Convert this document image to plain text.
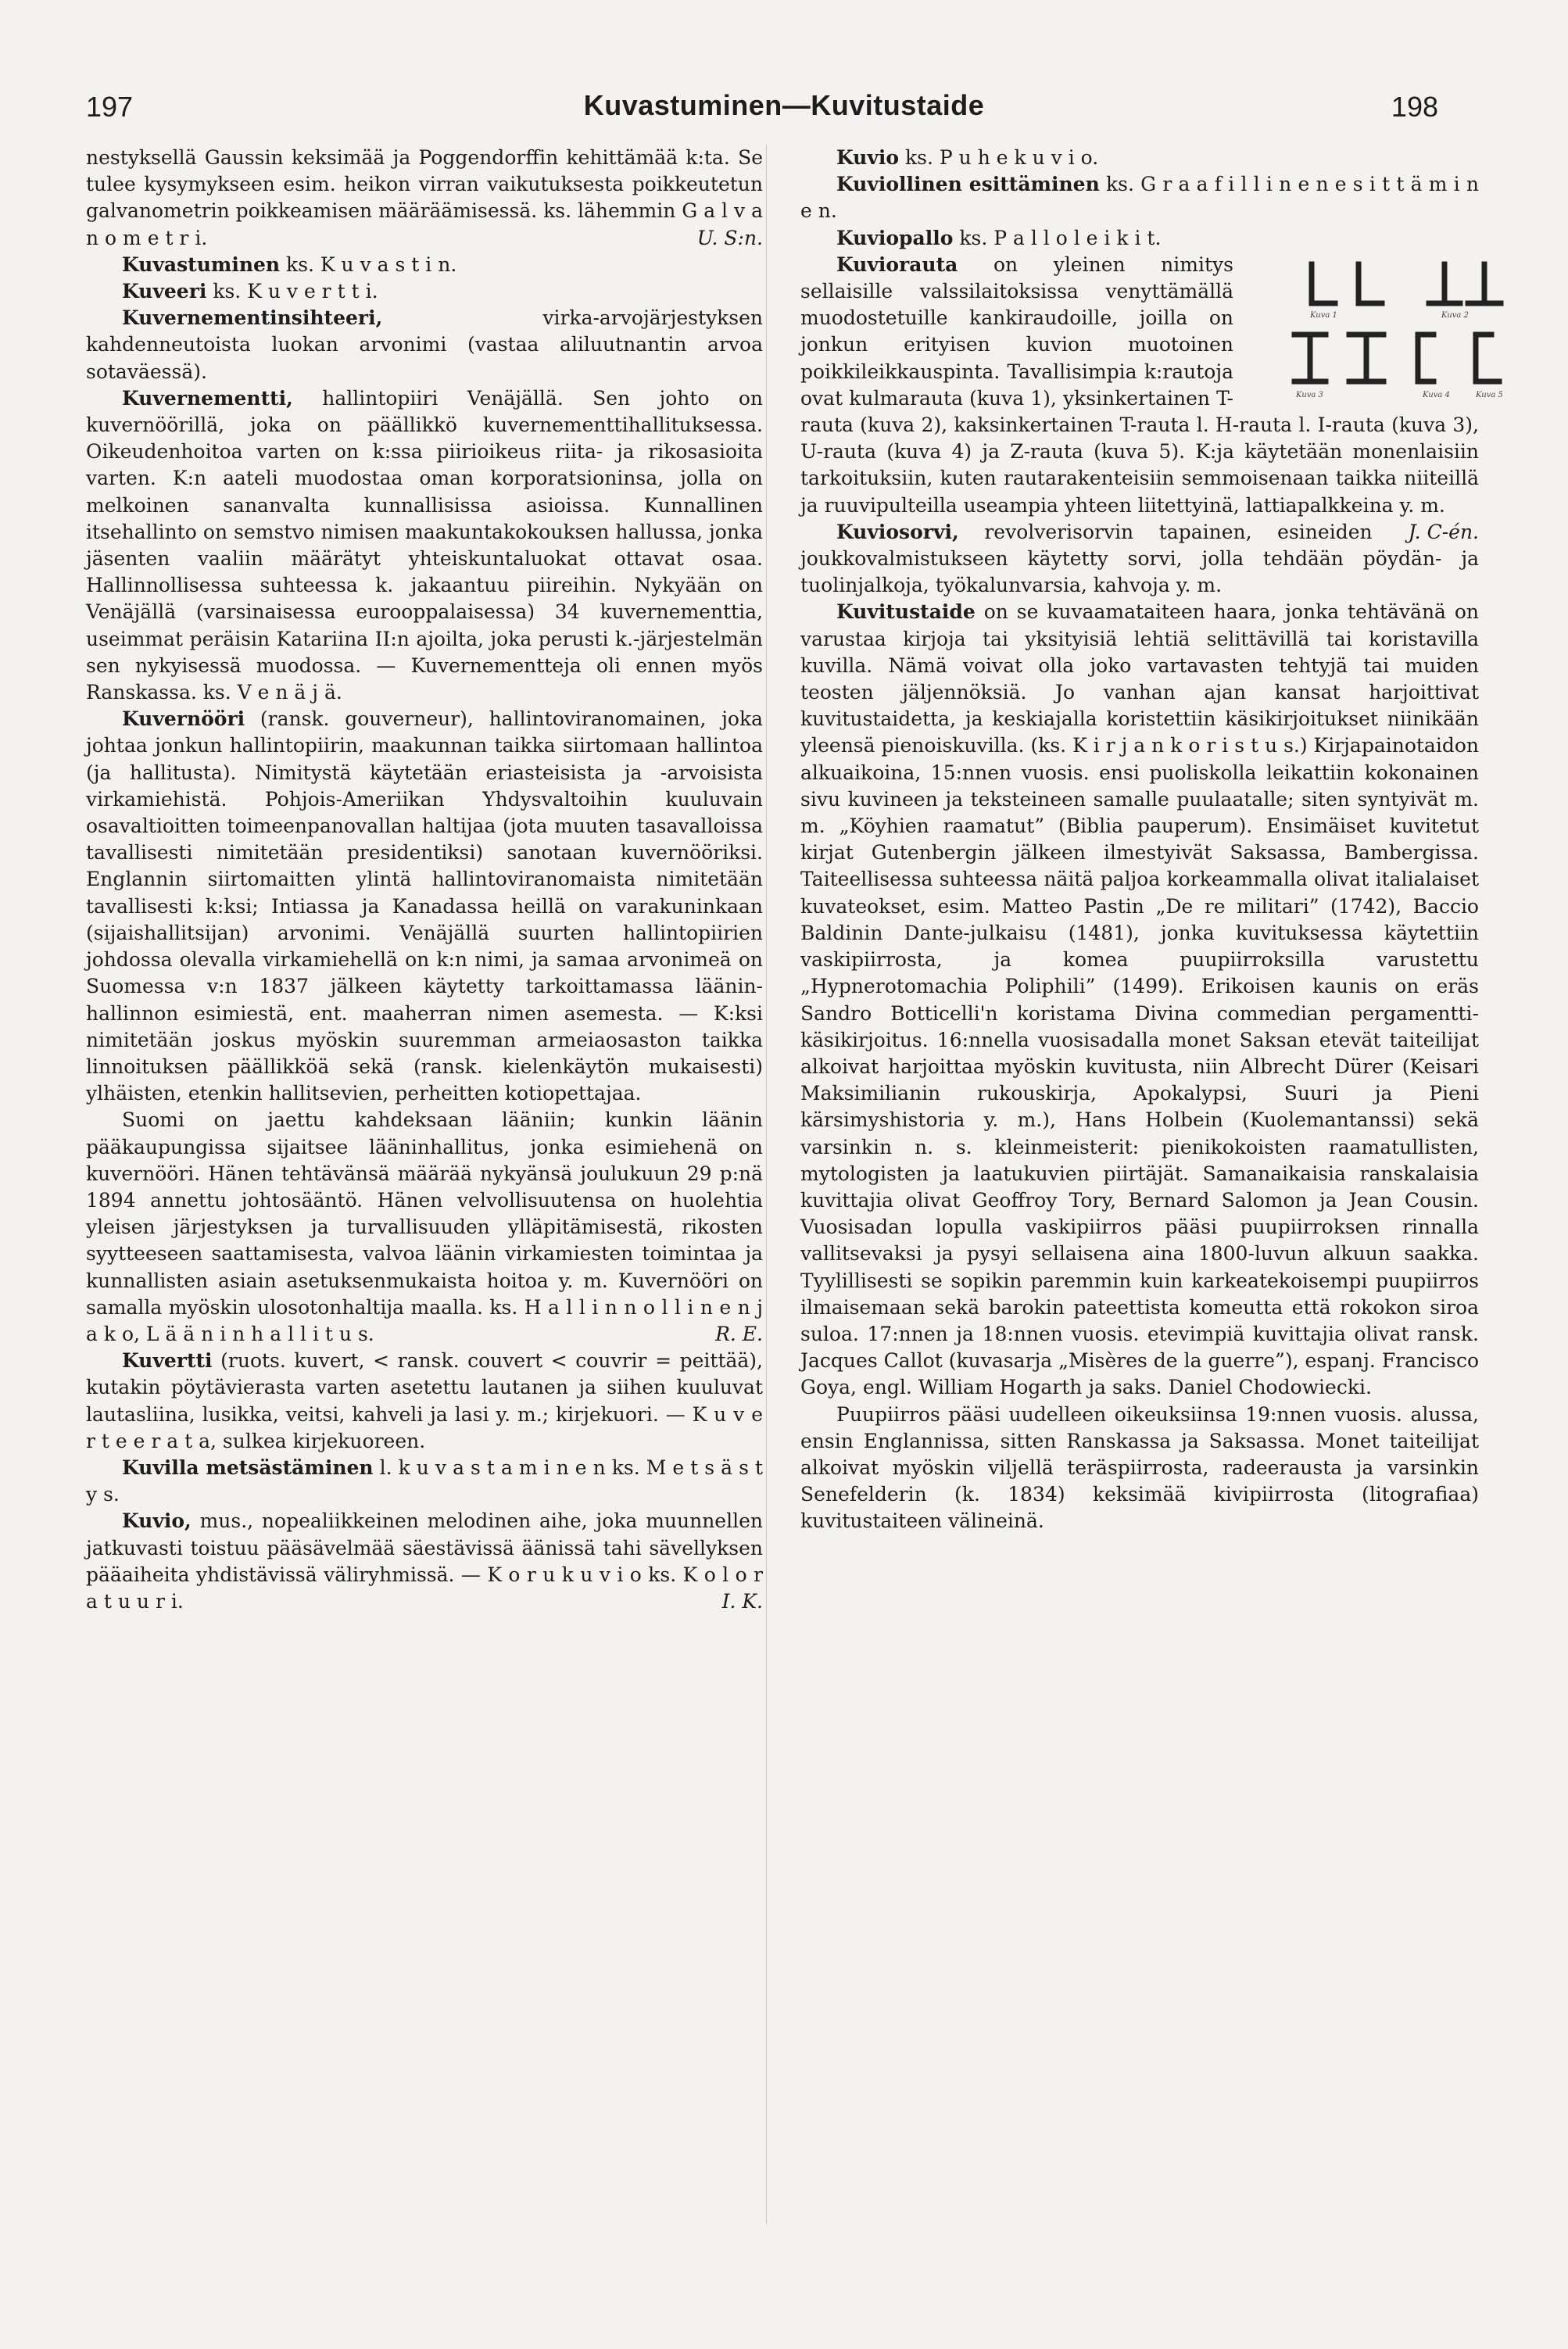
197	Kuvastuminen—Kuvitustaide	198

nestyksellä Gaussin keksimää ja Poggendorffin kehittämää k:ta. Se tulee kysymykseen esim. heikon virran vaikutuksesta poikkeutetun galvanometrin poikkeamisen määräämisessä. ks. lähemmin G a l v a n o m e t r i.	U. S:n.

Kuvastuminen ks. K u v a s t i n.

Kuveeri ks. K u v e r t t i.

Kuvernementinsihteeri,	virka-arvojärjestyksen kahdenneutoista luokan arvonimi (vastaa aliluutnantin arvoa sotaväessä).

Kuvernementti, hallintopiiri Venäjällä. Sen johto on kuvernöörillä, joka on päällikkö kuvernementtihallituksessa. Oikeudenhoitoa varten on k:ssa piirioikeus riita- ja rikosasioita varten. K:n aateli muodostaa oman korporatsioninsa, jolla on melkoinen sananvalta kunnallisissa asioissa. Kunnallinen itsehallinto on semstvo nimisen maakuntakokouksen hallussa, jonka jäsenten vaaliin määrätyt yhteiskuntaluokat ottavat osaa. Hallinnollisessa suhteessa k. jakaantuu piireihin. Nykyään on Venäjällä (varsinaisessa eurooppalaisessa) 34 kuvernementtia, useimmat peräisin Katariina II:n ajoilta, joka perusti k.-järjestelmän sen nykyisessä muodossa. — Kuvernementteja oli ennen myös Ranskassa. ks. V e n ä j ä.

Kuvernööri (ransk. gouverneur), hallintoviranomainen, joka johtaa jonkun hallintopiirin, maakunnan taikka siirtomaan hallintoa (ja hallitusta). Nimitystä käytetään eriasteisista ja -arvoisista virkamiehistä. Pohjois-Ameriikan Yhdysvaltoihin kuuluvain osavaltioitten toimeenpanovallan haltijaa (jota muuten tasavalloissa tavallisesti nimitetään presidentiksi) sanotaan kuvernööriksi. Englannin siirtomaitten ylintä hallintoviranomaista nimitetään tavallisesti k:ksi; Intiassa ja Kanadassa heillä on varakuninkaan (sijaishallitsijan) arvonimi. Venäjällä suurten hallintopiirien johdossa olevalla virkamiehellä on k:n nimi, ja samaa arvonimeä on Suomessa v:n 1837 jälkeen käytetty tarkoittamassa läänin-hallinnon esimiestä, ent. maaherran nimen asemesta. — K:ksi nimitetään joskus myöskin suuremman armeiaosaston taikka linnoituksen päällikköä sekä (ransk. kielenkäytön mukaisesti) ylhäisten, etenkin hallitsevien, perheitten kotiopettajaa.

Suomi on jaettu kahdeksaan lääniin; kunkin läänin pääkaupungissa sijaitsee lääninhallitus, jonka esimiehenä on kuvernööri. Hänen tehtävänsä määrää nykyänsä joulukuun 29 p:nä 1894 annettu johtosääntö. Hänen velvollisuutensa on huolehtia yleisen järjestyksen ja turvallisuuden ylläpitämisestä, rikosten syytteeseen saattamisesta, valvoa läänin virkamiesten toimintaa ja kunnallisten asiain asetuksenmukaista hoitoa y. m. Kuvernööri on samalla myöskin ulosotonhaltija maalla. ks. H a l l i n n o l l i n e n j a k o, L ä ä n i n h a l l i t u s.	R. E.

Kuvertti (ruots. kuvert, < ransk. couvert < couvrir = peittää), kutakin pöytävierasta varten asetettu lautanen ja siihen kuuluvat lautasliina, lusikka, veitsi, kahveli ja lasi y. m.; kirjekuori. — K u v e r t e e r a t a, sulkea kirjekuoreen.

Kuvilla metsästäminen l. k u v a s t a m i n e n ks. M e t s ä s t y s.

Kuvio, mus., nopealiikkeinen melodinen aihe, joka muunnellen jatkuvasti toistuu pääsävelmää säestävissä äänissä tahi sävellyksen pääaiheita yhdistävissä väliryhmissä. — K o r u k u v i o ks. K o l o r a t u u r i.	I. K.

Kuvio ks. P u h e k u v i o.

Kuviollinen esittäminen ks. G r a a f i l l i n e n e s i t t ä m i n e n.

Kuviopallo ks. P a l l o l e i k i t.

Kuva 1	Kuva 2
Kuva 3	Kuva 4	Kuva 5
Kuviorauta on yleinen nimitys sellaisille valssilaitoksissa venyttämällä muodostetuille kankiraudoille, joilla on jonkun erityisen kuvion muotoinen poikkileikkauspinta. Tavallisimpia k:rautoja ovat kulmarauta (kuva 1), yksinkertainen T-rauta (kuva 2), kaksinkertainen T-rauta l. H-rauta l. I-rauta (kuva 3), U-rauta (kuva 4) ja Z-rauta (kuva 5). K:ja käytetään monenlaisiin tarkoituksiin, kuten rautarakenteisiin semmoisenaan taikka niiteillä ja ruuvipulteilla useampia yhteen liitettyinä, lattiapalkkeina y. m.
J. C-én.

Kuviosorvi, revolverisorvin tapainen, esineiden joukkovalmistukseen käytetty sorvi, jolla tehdään pöydän- ja tuolinjalkoja, työkalunvarsia, kahvoja y. m.

Kuvitustaide on se kuvaamataiteen haara, jonka tehtävänä on varustaa kirjoja tai yksityisiä lehtiä selittävillä tai koristavilla kuvilla. Nämä voivat olla joko vartavasten tehtyjä tai muiden teosten jäljennöksiä. Jo vanhan ajan kansat harjoittivat kuvitustaidetta, ja keskiajalla koristettiin käsikirjoitukset niinikään yleensä pienoiskuvilla. (ks. K i r j a n k o r i s t u s.) Kirjapainotaidon alkuaikoina, 15:nnen vuosis. ensi puoliskolla leikattiin kokonainen sivu kuvineen ja teksteineen samalle puulaatalle; siten syntyivät m. m. „Köyhien raamatut” (Biblia pauperum). Ensimäiset kuvitetut kirjat Gutenbergin jälkeen ilmestyivät Saksassa, Bambergissa. Taiteellisessa suhteessa näitä paljoa korkeammalla olivat italialaiset kuvateokset, esim. Matteo Pastin „De re militari” (1742), Baccio Baldinin Dante-julkaisu (1481), jonka kuvituksessa käytettiin vaskipiirrosta, ja komea puupiirroksilla varustettu „Hypnerotomachia Poliphili” (1499). Erikoisen kaunis on eräs Sandro Botticelli'n koristama Divina commedian pergamentti-käsikirjoitus. 16:nnella vuosisadalla monet Saksan etevät taiteilijat alkoivat harjoittaa myöskin kuvitusta, niin Albrecht Dürer (Keisari Maksimilianin rukouskirja, Apokalypsi, Suuri ja Pieni kärsimyshistoria y. m.), Hans Holbein (Kuolemantanssi) sekä varsinkin n. s. kleinmeisterit: pienikokoisten raamatullisten, mytologisten ja laatukuvien piirtäjät. Samanaikaisia ranskalaisia kuvittajia olivat Geoffroy Tory, Bernard Salomon ja Jean Cousin. Vuosisadan lopulla vaskipiirros pääsi puupiirroksen rinnalla vallitsevaksi ja pysyi sellaisena aina 1800-luvun alkuun saakka. Tyylillisesti se sopikin paremmin kuin karkeatekoisempi puupiirros ilmaisemaan sekä barokin pateettista komeutta että rokokon siroa suloa. 17:nnen ja 18:nnen vuosis. etevimpiä kuvittajia olivat ransk. Jacques Callot (kuvasarja „Misères de la guerre”), espanj. Francisco Goya, engl. William Hogarth ja saks. Daniel Chodowiecki.

Puupiirros pääsi uudelleen oikeuksiinsa 19:nnen vuosis. alussa, ensin Englannissa, sitten Ranskassa ja Saksassa. Monet taiteilijat alkoivat myöskin viljellä teräspiirrosta, radeerausta ja varsinkin Senefelderin (k. 1834) keksimää kivipiirrosta (litografiaa) kuvitustaiteen välineinä.
